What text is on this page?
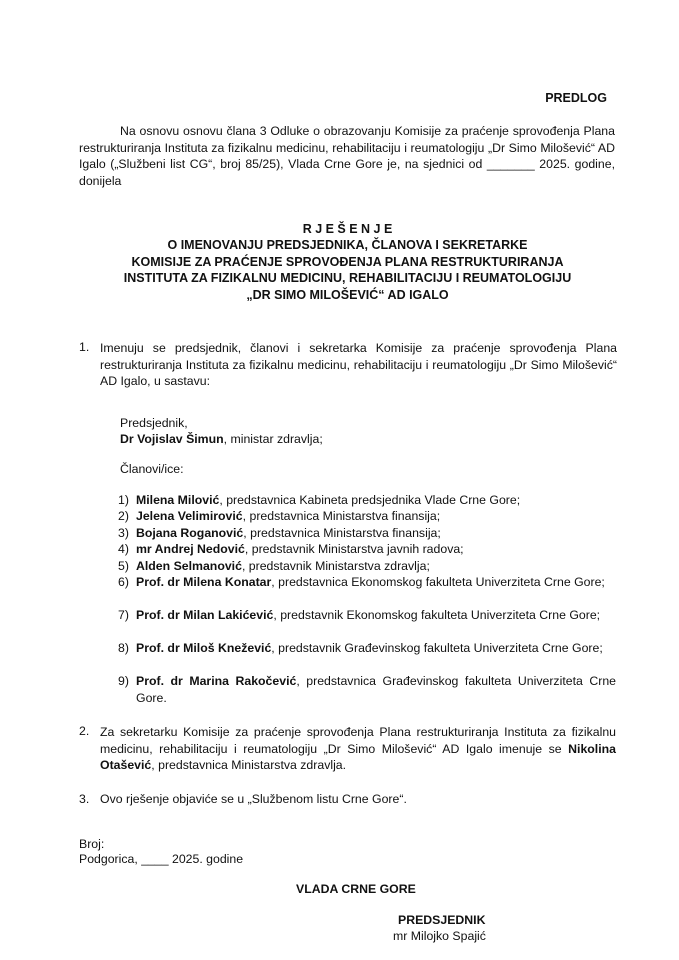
PREDLOG
Na osnovu osnovu člana 3 Odluke o obrazovanju Komisije za praćenje sprovođenja Plana restrukturiranja Instituta za fizikalnu medicinu, rehabilitaciju i reumatologiju „Dr Simo Milošević“ AD Igalo („Službeni list CG“, broj 85/25), Vlada Crne Gore je, na sjednici od _______ 2025. godine, donijela
R J E Š E N J E
O IMENOVANJU PREDSJEDNIKA, ČLANOVA I SEKRETARKE
KOMISIJE ZA PRAĆENJE SPROVOĐENJA PLANA RESTRUKTURIRANJA
INSTITUTA ZA FIZIKALNU MEDICINU, REHABILITACIJU I REUMATOLOGIJU
„DR SIMO MILOŠEVIĆ“ AD IGALO
1. Imenuju se predsjednik, članovi i sekretarka Komisije za praćenje sprovođenja Plana restrukturiranja Instituta za fizikalnu medicinu, rehabilitaciju i reumatologiju „Dr Simo Milošević“ AD Igalo, u sastavu:
Predsjednik,
Dr Vojislav Šimun, ministar zdravlja;
Članovi/ice:
1) Milena Milović, predstavnica Kabineta predsjednika Vlade Crne Gore;
2) Jelena Velimirović, predstavnica Ministarstva finansija;
3) Bojana Roganović, predstavnica Ministarstva finansija;
4) mr Andrej Nedović, predstavnik Ministarstva javnih radova;
5) Alden Selmanović, predstavnik Ministarstva zdravlja;
6) Prof. dr Milena Konatar, predstavnica Ekonomskog fakulteta Univerziteta Crne Gore;
7) Prof. dr Milan Lakićević, predstavnik Ekonomskog fakulteta Univerziteta Crne Gore;
8) Prof. dr Miloš Knežević, predstavnik Građevinskog fakulteta Univerziteta Crne Gore;
9) Prof. dr Marina Rakočević, predstavnica Građevinskog fakulteta Univerziteta Crne Gore.
2. Za sekretarku Komisije za praćenje sprovođenja Plana restrukturiranja Instituta za fizikalnu medicinu, rehabilitaciju i reumatologiju „Dr Simo Milošević“ AD Igalo imenuje se Nikolina Otašević, predstavnica Ministarstva zdravlja.
3. Ovo rješenje objaviće se u „Službenom listu Crne Gore“.
Broj:
Podgorica, ____ 2025. godine
VLADA CRNE GORE
PREDSJEDNIK
mr Milojko Spajić
